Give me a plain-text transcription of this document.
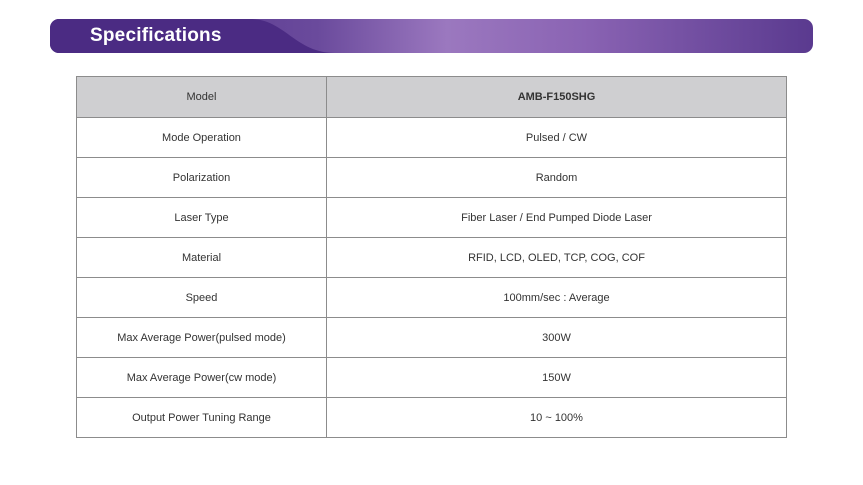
Specifications
Model	AMB-F150SHG
Mode Operation	Pulsed / CW
Polarization	Random
Laser Type	Fiber Laser / End Pumped Diode Laser
Material	RFID, LCD, OLED, TCP, COG, COF
Speed	100mm/sec : Average
Max Average Power(pulsed mode)	300W
Max Average Power(cw mode)	150W
Output Power Tuning Range	10 ~ 100%
